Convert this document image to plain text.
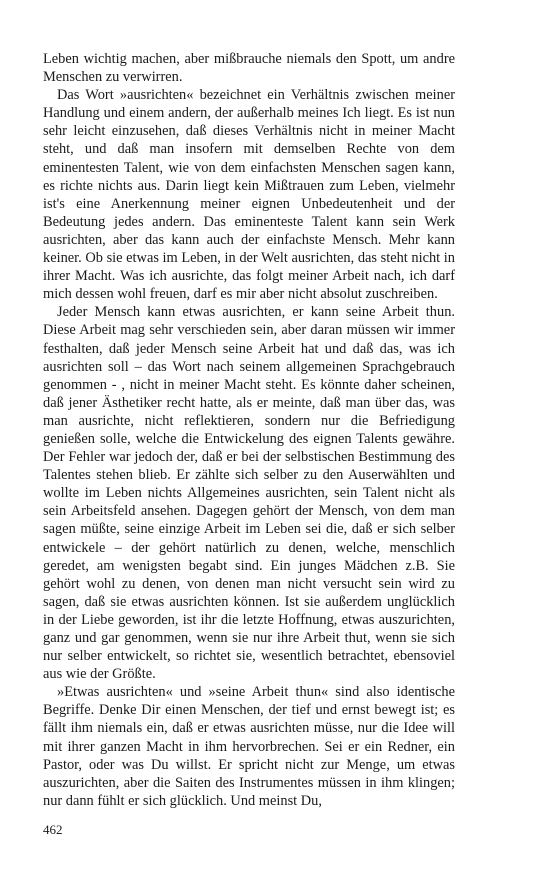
Leben wichtig machen, aber mißbrauche niemals den Spott, um andre Menschen zu verwirren.

Das Wort »ausrichten« bezeichnet ein Verhältnis zwischen meiner Handlung und einem andern, der außerhalb meines Ich liegt. Es ist nun sehr leicht einzusehen, daß dieses Verhältnis nicht in meiner Macht steht, und daß man insofern mit demselben Rechte von dem eminentesten Talent, wie von dem einfachsten Menschen sagen kann, es richte nichts aus. Darin liegt kein Mißtrauen zum Leben, vielmehr ist's eine Anerkennung meiner eignen Unbedeutenheit und der Bedeutung jedes andern. Das eminenteste Talent kann sein Werk ausrichten, aber das kann auch der einfachste Mensch. Mehr kann keiner. Ob sie etwas im Leben, in der Welt ausrichten, das steht nicht in ihrer Macht. Was ich ausrichte, das folgt meiner Arbeit nach, ich darf mich dessen wohl freuen, darf es mir aber nicht absolut zuschreiben.

Jeder Mensch kann etwas ausrichten, er kann seine Arbeit thun. Diese Arbeit mag sehr verschieden sein, aber daran müssen wir immer festhalten, daß jeder Mensch seine Arbeit hat und daß das, was ich ausrichten soll – das Wort nach seinem allgemeinen Sprachgebrauch genommen - , nicht in meiner Macht steht. Es könnte daher scheinen, daß jener Ästhetiker recht hatte, als er meinte, daß man über das, was man ausrichte, nicht reflektieren, sondern nur die Befriedigung genießen solle, welche die Entwickelung des eignen Talents gewähre. Der Fehler war jedoch der, daß er bei der selbstischen Bestimmung des Talentes stehen blieb. Er zählte sich selber zu den Auserwählten und wollte im Leben nichts Allgemeines ausrichten, sein Talent nicht als sein Arbeitsfeld ansehen. Dagegen gehört der Mensch, von dem man sagen müßte, seine einzige Arbeit im Leben sei die, daß er sich selber entwickele – der gehört natürlich zu denen, welche, menschlich geredet, am wenigsten begabt sind. Ein junges Mädchen z.B. Sie gehört wohl zu denen, von denen man nicht versucht sein wird zu sagen, daß sie etwas ausrichten können. Ist sie außerdem unglücklich in der Liebe geworden, ist ihr die letzte Hoffnung, etwas auszurichten, ganz und gar genommen, wenn sie nur ihre Arbeit thut, wenn sie sich nur selber entwickelt, so richtet sie, wesentlich betrachtet, ebensoviel aus wie der Größte.

»Etwas ausrichten« und »seine Arbeit thun« sind also identische Begriffe. Denke Dir einen Menschen, der tief und ernst bewegt ist; es fällt ihm niemals ein, daß er etwas ausrichten müsse, nur die Idee will mit ihrer ganzen Macht in ihm hervorbrechen. Sei er ein Redner, ein Pastor, oder was Du willst. Er spricht nicht zur Menge, um etwas auszurichten, aber die Saiten des Instrumentes müssen in ihm klingen; nur dann fühlt er sich glücklich. Und meinst Du,

462
